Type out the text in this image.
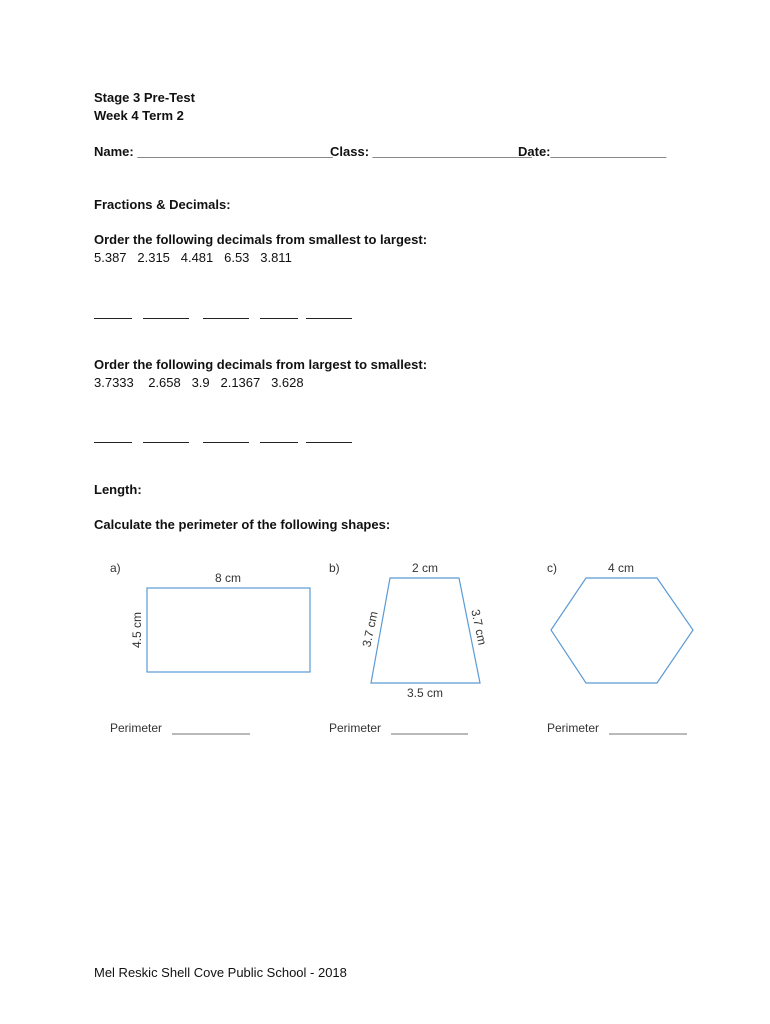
Stage 3 Pre-Test
Week 4 Term 2
Name: ___________________________
Class: ______________________
Date:________________
Fractions & Decimals:
Order the following decimals from smallest to largest:
5.387   2.315   4.481   6.53   3.811
Order the following decimals from largest to smallest:
3.7333    2.658   3.9   2.1367   3.628
Length:
Calculate the perimeter of the following shapes:
a)
8 cm
4.5 cm
Perimeter
b)	2 cm
3.7 cm	3.7 cm
3.5 cm
Perimeter
c)	4 cm
Perimeter
Mel Reskic Shell Cove Public School - 2018
